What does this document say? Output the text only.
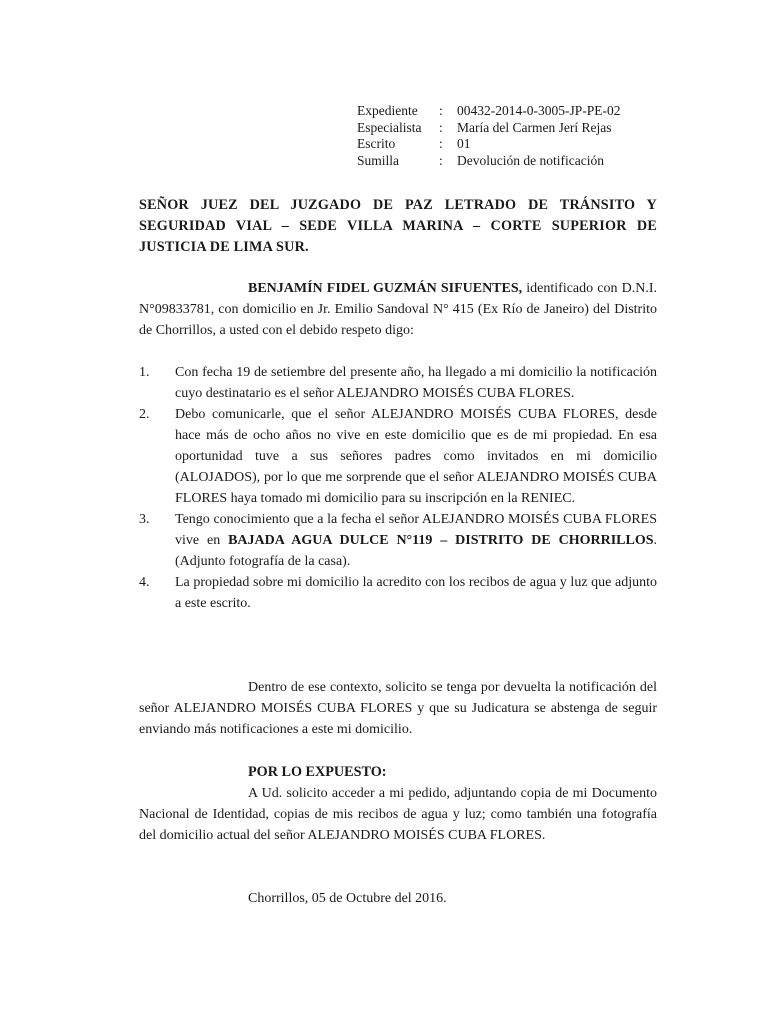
Expediente	:	00432-2014-0-3005-JP-PE-02
Especialista	:	María del Carmen Jerí Rejas
Escrito	:	01
Sumilla	:	Devolución de notificación
SEÑOR JUEZ DEL JUZGADO DE PAZ LETRADO DE TRÁNSITO Y SEGURIDAD VIAL – SEDE VILLA MARINA – CORTE SUPERIOR DE JUSTICIA DE LIMA SUR.
BENJAMÍN FIDEL GUZMÁN SIFUENTES, identificado con D.N.I. N°09833781, con domicilio en Jr. Emilio Sandoval N° 415 (Ex Río de Janeiro) del Distrito de Chorrillos, a usted con el debido respeto digo:
1.	Con fecha 19 de setiembre del presente año, ha llegado a mi domicilio la notificación cuyo destinatario es el señor ALEJANDRO MOISÉS CUBA FLORES.
2.	Debo comunicarle, que el señor ALEJANDRO MOISÉS CUBA FLORES, desde hace más de ocho años no vive en este domicilio que es de mi propiedad. En esa oportunidad tuve a sus señores padres como invitados en mi domicilio (ALOJADOS), por lo que me sorprende que el señor ALEJANDRO MOISÉS CUBA FLORES haya tomado mi domicilio para su inscripción en la RENIEC.
3.	Tengo conocimiento que a la fecha el señor ALEJANDRO MOISÉS CUBA FLORES vive en BAJADA AGUA DULCE N°119 – DISTRITO DE CHORRILLOS. (Adjunto fotografía de la casa).
4.	La propiedad sobre mi domicilio la acredito con los recibos de agua y luz que adjunto a este escrito.
Dentro de ese contexto, solicito se tenga por devuelta la notificación del señor ALEJANDRO MOISÉS CUBA FLORES y que su Judicatura se abstenga de seguir enviando más notificaciones a este mi domicilio.
POR LO EXPUESTO:
A Ud. solicito acceder a mi pedido, adjuntando copia de mi Documento Nacional de Identidad, copias de mis recibos de agua y luz; como también una fotografía del domicilio actual del señor ALEJANDRO MOISÉS CUBA FLORES.
Chorrillos, 05 de Octubre del 2016.
